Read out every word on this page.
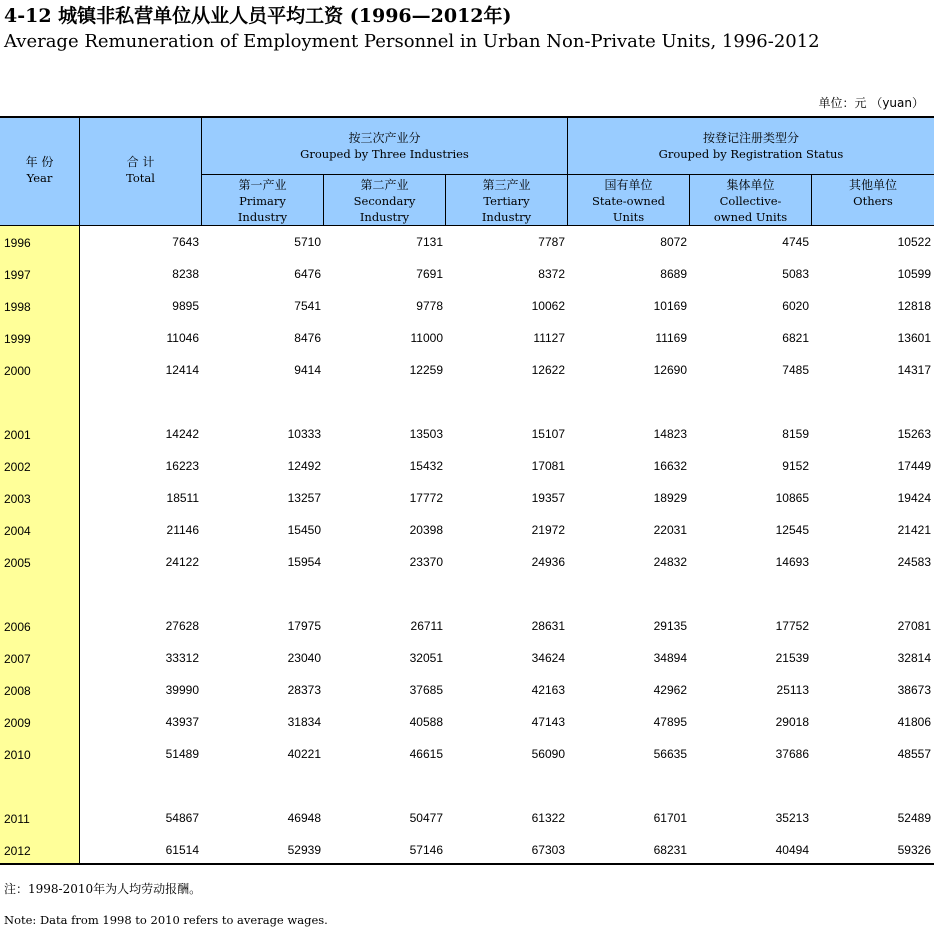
4-12 城镇非私营单位从业人员平均工资 (1996—2012年)
Average Remuneration of Employment Personnel in Urban Non-Private Units, 1996-2012
单位：元 （yuan）
年 份
Year
合 计
Total
按三次产业分
Grouped by Three Industries
按登记注册类型分
Grouped by Registration Status
第一产业
Primary
Industry
第二产业
Secondary
Industry
第三产业
Tertiary
Industry
国有单位
State-owned
Units
集体单位
Collective-
owned Units
其他单位
Others
1996	7643	5710	7131	7787	8072	4745	10522
1997	8238	6476	7691	8372	8689	5083	10599
1998	9895	7541	9778	10062	10169	6020	12818
1999	11046	8476	11000	11127	11169	6821	13601
2000	12414	9414	12259	12622	12690	7485	14317
2001	14242	10333	13503	15107	14823	8159	15263
2002	16223	12492	15432	17081	16632	9152	17449
2003	18511	13257	17772	19357	18929	10865	19424
2004	21146	15450	20398	21972	22031	12545	21421
2005	24122	15954	23370	24936	24832	14693	24583
2006	27628	17975	26711	28631	29135	17752	27081
2007	33312	23040	32051	34624	34894	21539	32814
2008	39990	28373	37685	42163	42962	25113	38673
2009	43937	31834	40588	47143	47895	29018	41806
2010	51489	40221	46615	56090	56635	37686	48557
2011	54867	46948	50477	61322	61701	35213	52489
2012	61514	52939	57146	67303	68231	40494	59326
注：1998-2010年为人均劳动报酬。
Note: Data from 1998 to 2010 refers to average wages.
